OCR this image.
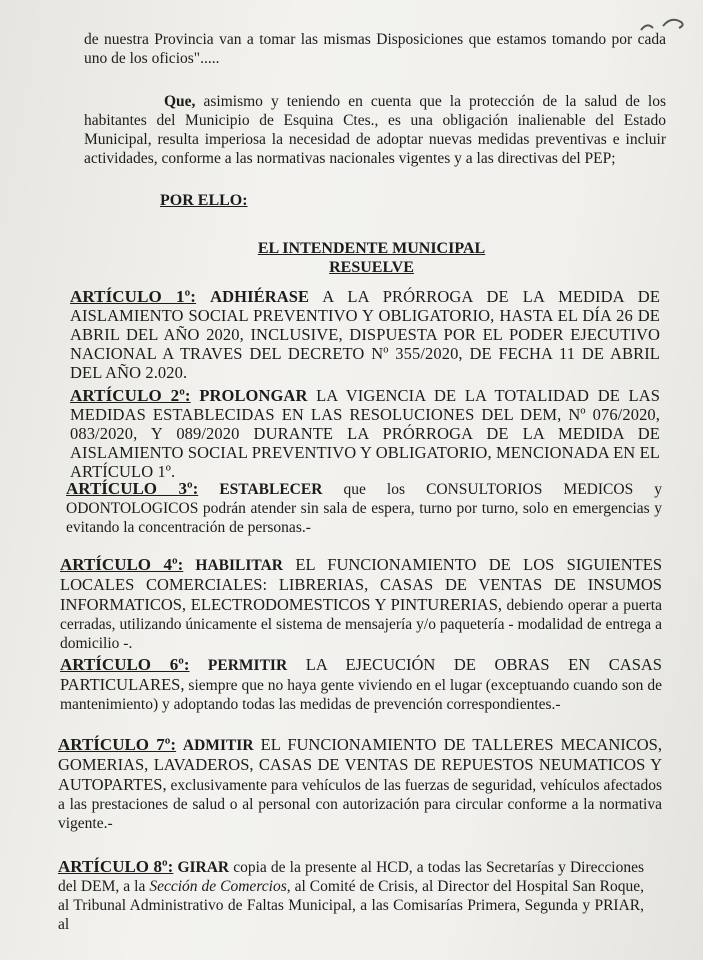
de nuestra Provincia van a tomar las mismas Disposiciones que estamos tomando por cada uno de los oficios".....

Que, asimismo y teniendo en cuenta que la protección de la salud de los habitantes del Municipio de Esquina Ctes., es una obligación inalienable del Estado Municipal, resulta imperiosa la necesidad de adoptar nuevas medidas preventivas e incluir actividades, conforme a las normativas nacionales vigentes y a las directivas del PEP;

POR ELLO:

EL INTENDENTE MUNICIPAL

RESUELVE

ARTÍCULO 1º: ADHIÉRASE A LA PRÓRROGA DE LA MEDIDA DE AISLAMIENTO SOCIAL PREVENTIVO Y OBLIGATORIO, HASTA EL DÍA 26 DE ABRIL DEL AÑO 2020, INCLUSIVE, DISPUESTA POR EL PODER EJECUTIVO NACIONAL A TRAVES DEL DECRETO Nº 355/2020, DE FECHA 11 DE ABRIL DEL AÑO 2.020.

ARTÍCULO 2º: PROLONGAR LA VIGENCIA DE LA TOTALIDAD DE LAS MEDIDAS ESTABLECIDAS EN LAS RESOLUCIONES DEL DEM, Nº 076/2020, 083/2020, Y 089/2020 DURANTE LA PRÓRROGA DE LA MEDIDA DE AISLAMIENTO SOCIAL PREVENTIVO Y OBLIGATORIO, MENCIONADA EN EL ARTÍCULO 1º.

ARTÍCULO 3º: ESTABLECER que los CONSULTORIOS MEDICOS y ODONTOLOGICOS podrán atender sin sala de espera, turno por turno, solo en emergencias y evitando la concentración de personas.-

ARTÍCULO 4º: HABILITAR EL FUNCIONAMIENTO DE LOS SIGUIENTES LOCALES COMERCIALES: LIBRERIAS, CASAS DE VENTAS DE INSUMOS INFORMATICOS, ELECTRODOMESTICOS Y PINTURERIAS, debiendo operar a puerta cerradas, utilizando únicamente el sistema de mensajería y/o paquetería - modalidad de entrega a domicilio -.

ARTÍCULO 6º: PERMITIR LA EJECUCIÓN DE OBRAS EN CASAS PARTICULARES, siempre que no haya gente viviendo en el lugar (exceptuando cuando son de mantenimiento) y adoptando todas las medidas de prevención correspondientes.-

ARTÍCULO 7º: ADMITIR EL FUNCIONAMIENTO DE TALLERES MECANICOS, GOMERIAS, LAVADEROS, CASAS DE VENTAS DE REPUESTOS NEUMATICOS Y AUTOPARTES, exclusivamente para vehículos de las fuerzas de seguridad, vehículos afectados a las prestaciones de salud o al personal con autorización para circular conforme a la normativa vigente.-

ARTÍCULO 8º: GIRAR copia de la presente al HCD, a todas las Secretarías y Direcciones del DEM, a la Sección de Comercios, al Comité de Crisis, al Director del Hospital San Roque, al Tribunal Administrativo de Faltas Municipal, a las Comisarías Primera, Segunda y PRIAR, al
